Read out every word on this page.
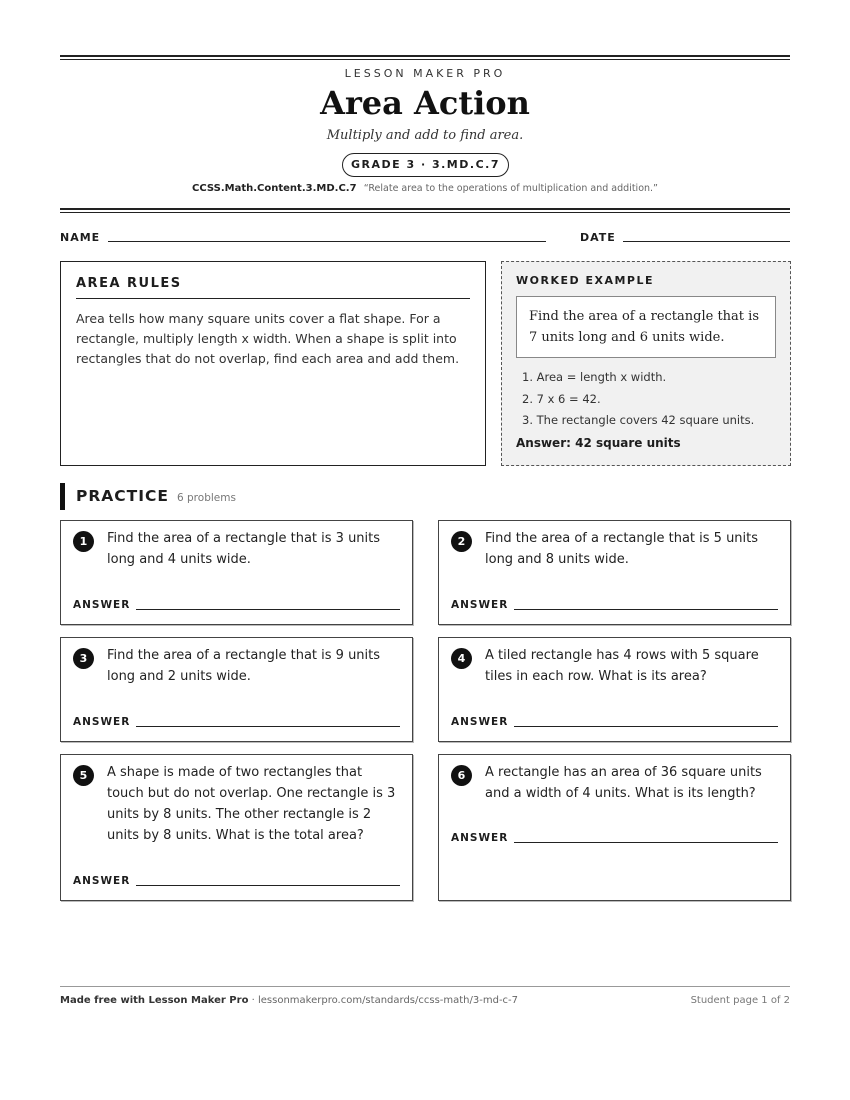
LESSON MAKER PRO
Area Action
Multiply and add to find area.
GRADE 3 · 3.MD.C.7
CCSS.Math.Content.3.MD.C.7 “Relate area to the operations of multiplication and addition.”
NAME	DATE
AREA RULES

Area tells how many square units cover a flat shape. For a rectangle, multiply length x width. When a shape is split into rectangles that do not overlap, find each area and add them.

WORKED EXAMPLE
Find the area of a rectangle that is 7 units long and 6 units wide.
1. Area = length x width.
2. 7 x 6 = 42.
3. The rectangle covers 42 square units.
Answer: 42 square units
PRACTICE 6 problems
1	Find the area of a rectangle that is 3 units long and 4 units wide.
ANSWER
2	Find the area of a rectangle that is 5 units long and 8 units wide.
ANSWER
3	Find the area of a rectangle that is 9 units long and 2 units wide.
ANSWER
4	A tiled rectangle has 4 rows with 5 square tiles in each row. What is its area?
ANSWER
5	A shape is made of two rectangles that touch but do not overlap. One rectangle is 3 units by 8 units. The other rectangle is 2 units by 8 units. What is the total area?
ANSWER
6	A rectangle has an area of 36 square units and a width of 4 units. What is its length?
ANSWER
Made free with Lesson Maker Pro · lessonmakerpro.com/standards/ccss-math/3-md-c-7	Student page 1 of 2
